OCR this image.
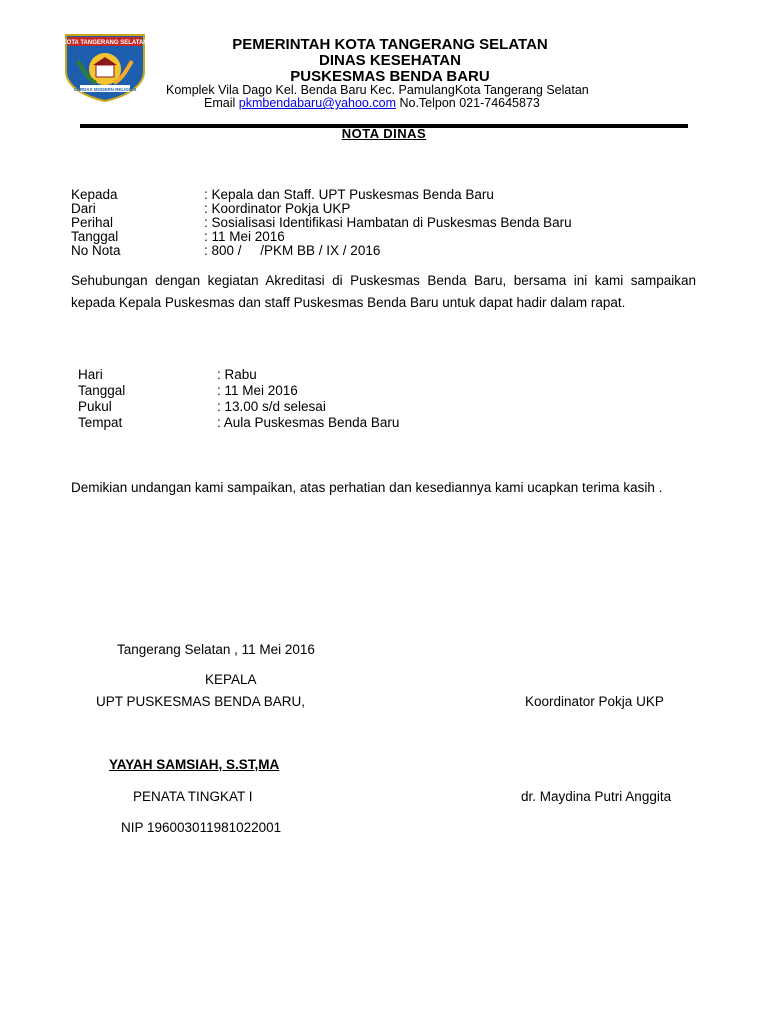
KOTA TANGERANG SELATAN
CERDAS MODERN RELIGIUS
PEMERINTAH KOTA TANGERANG SELATAN
DINAS KESEHATAN
PUSKESMAS BENDA BARU
Komplek Vila Dago Kel. Benda Baru Kec. PamulangKota Tangerang Selatan
Email pkmbendabaru@yahoo.com No.Telpon 021-74645873
NOTA DINAS
Kepada	: Kepala dan Staff. UPT Puskesmas Benda Baru
Dari	: Koordinator Pokja UKP
Perihal	: Sosialisasi Identifikasi Hambatan di Puskesmas Benda Baru
Tanggal	: 11 Mei 2016
No Nota	: 800 /     /PKM BB / IX / 2016
Sehubungan dengan kegiatan Akreditasi di Puskesmas Benda Baru, bersama ini kami sampaikan kepada Kepala Puskesmas dan staff Puskesmas Benda Baru untuk dapat hadir dalam rapat.
Hari	: Rabu
Tanggal	: 11 Mei 2016
Pukul	: 13.00 s/d selesai
Tempat	: Aula Puskesmas Benda Baru
Demikian undangan kami sampaikan, atas perhatian dan kesediannya kami ucapkan terima kasih .
Tangerang Selatan , 11 Mei 2016
KEPALA
UPT PUSKESMAS BENDA BARU,	Koordinator Pokja UKP
YAYAH SAMSIAH, S.ST,MA
PENATA TINGKAT I	dr. Maydina Putri Anggita
NIP 196003011981022001
